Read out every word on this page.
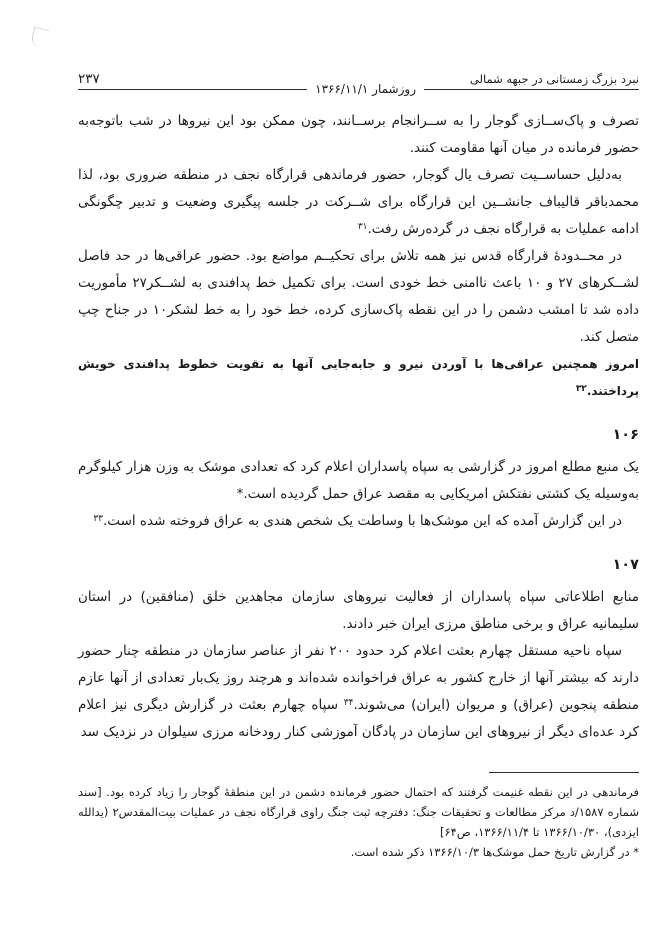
نبرد بزرگ زمستانی در جبهه شمالی
روزشمار ۱۳۶۶/۱۱/۱
۲۳۷

تصرف و پاک‌ســازی گوجار را به ســرانجام برســانند، چون ممکن بود این نیروها در شب باتوجه‌به حضور فرمانده در میان آنها مقاومت کنند.

به‌دلیل حساســیت تصرف یال گوجار، حضور فرماندهی قرارگاه نجف در منطقه ضروری بود، لذا محمدباقر قالیباف جانشــین این قرارگاه برای شــرکت در جلسه پیگیری وضعیت و تدبیر چگونگی ادامه عملیات به قرارگاه نجف در گرده‌رش رفت.$^{۳۱}$

در محــدودۀ قرارگاه قدس نیز همه تلاش برای تحکیــم مواضع بود. حضور عراقی‌ها در حد فاصل لشــکرهای ۲۷ و ۱۰ باعث ناامنی خط خودی است. برای تکمیل خط پدافندی به لشــکر۲۷ مأموریت داده شد تا امشب دشمن را در این نقطه پاک‌سازی کرده، خط خود را به خط لشکر۱۰ در جناح چپ متصل کند.

امروز همچنین عراقی‌ها با آوردن نیرو و جابه‌جایی آنها به تقویت خطوط پدافندی خویش پرداختند.$^{۳۲}$

۱۰۶

یک منبع مطلع امروز در گزارشی به سپاه پاسداران اعلام کرد که تعدادی موشک به وزن هزار کیلوگرم به‌وسیله یک کشتی نفتکش امریکایی به مقصد عراق حمل گردیده است.*

در این گزارش آمده که این موشک‌ها با وساطت یک شخص هندی به عراق فروخته شده است.$^{۳۳}$

۱۰۷

منابع اطلاعاتی سپاه پاسداران از فعالیت نیروهای سازمان مجاهدین خلق (منافقین) در استان سلیمانیه عراق و برخی مناطق مرزی ایران خبر دادند.

سپاه ناحیه مستقل چهارم بعثت اعلام کرد حدود ۲۰۰ نفر از عناصر سازمان در منطقه چنار حضور دارند که بیشتر آنها از خارج کشور به عراق فراخوانده شده‌اند و هرچند روز یک‌بار تعدادی از آنها عازم منطقه پنجوین (عراق) و مریوان (ایران) می‌شوند.$^{۳۴}$ سپاه چهارم بعثت در گزارش دیگری نیز اعلام کرد عده‌ای دیگر از نیروهای این سازمان در پادگان آموزشی کنار رودخانه مرزی سیلوان در نزدیک سد

فرماندهی در این نقطه غنیمت گرفتند که احتمال حضور فرمانده دشمن در این منطقۀ گوجار را زیاد کرده بود. [سند شماره ۱۵۸۷/د مرکز مطالعات و تحقیقات جنگ: دفترچه ثبت جنگ راوی قرارگاه نجف در عملیات بیت‌المقدس۲ (یدالله ایزدی)، ۱۳۶۶/۱۰/۳۰ تا ۱۳۶۶/۱۱/۴، ص۶۴]

* در گزارش تاریخ حمل موشک‌ها ۱۳۶۶/۱۰/۳ ذکر شده است.
